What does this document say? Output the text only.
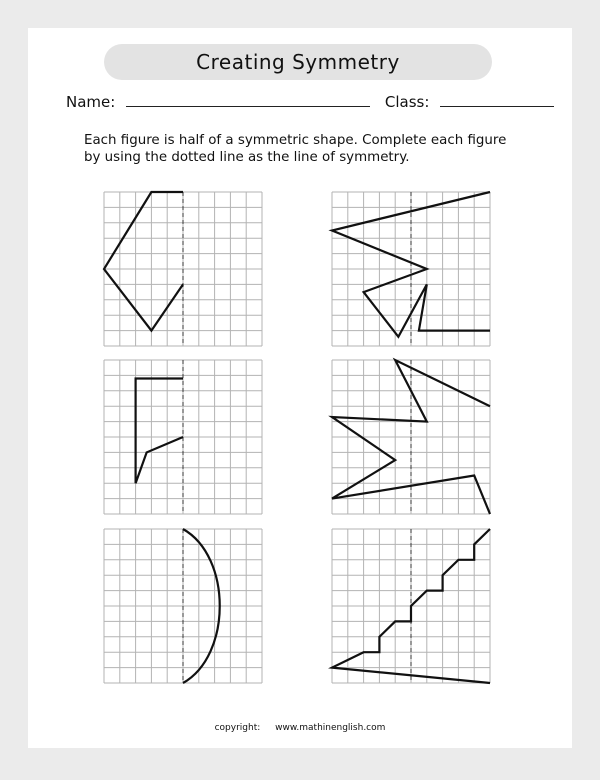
Creating Symmetry
Name:	Class:

Each figure is half of a symmetric shape. Complete each figure

by using the dotted line as the line of symmetry.

copyright: www.mathinenglish.com
